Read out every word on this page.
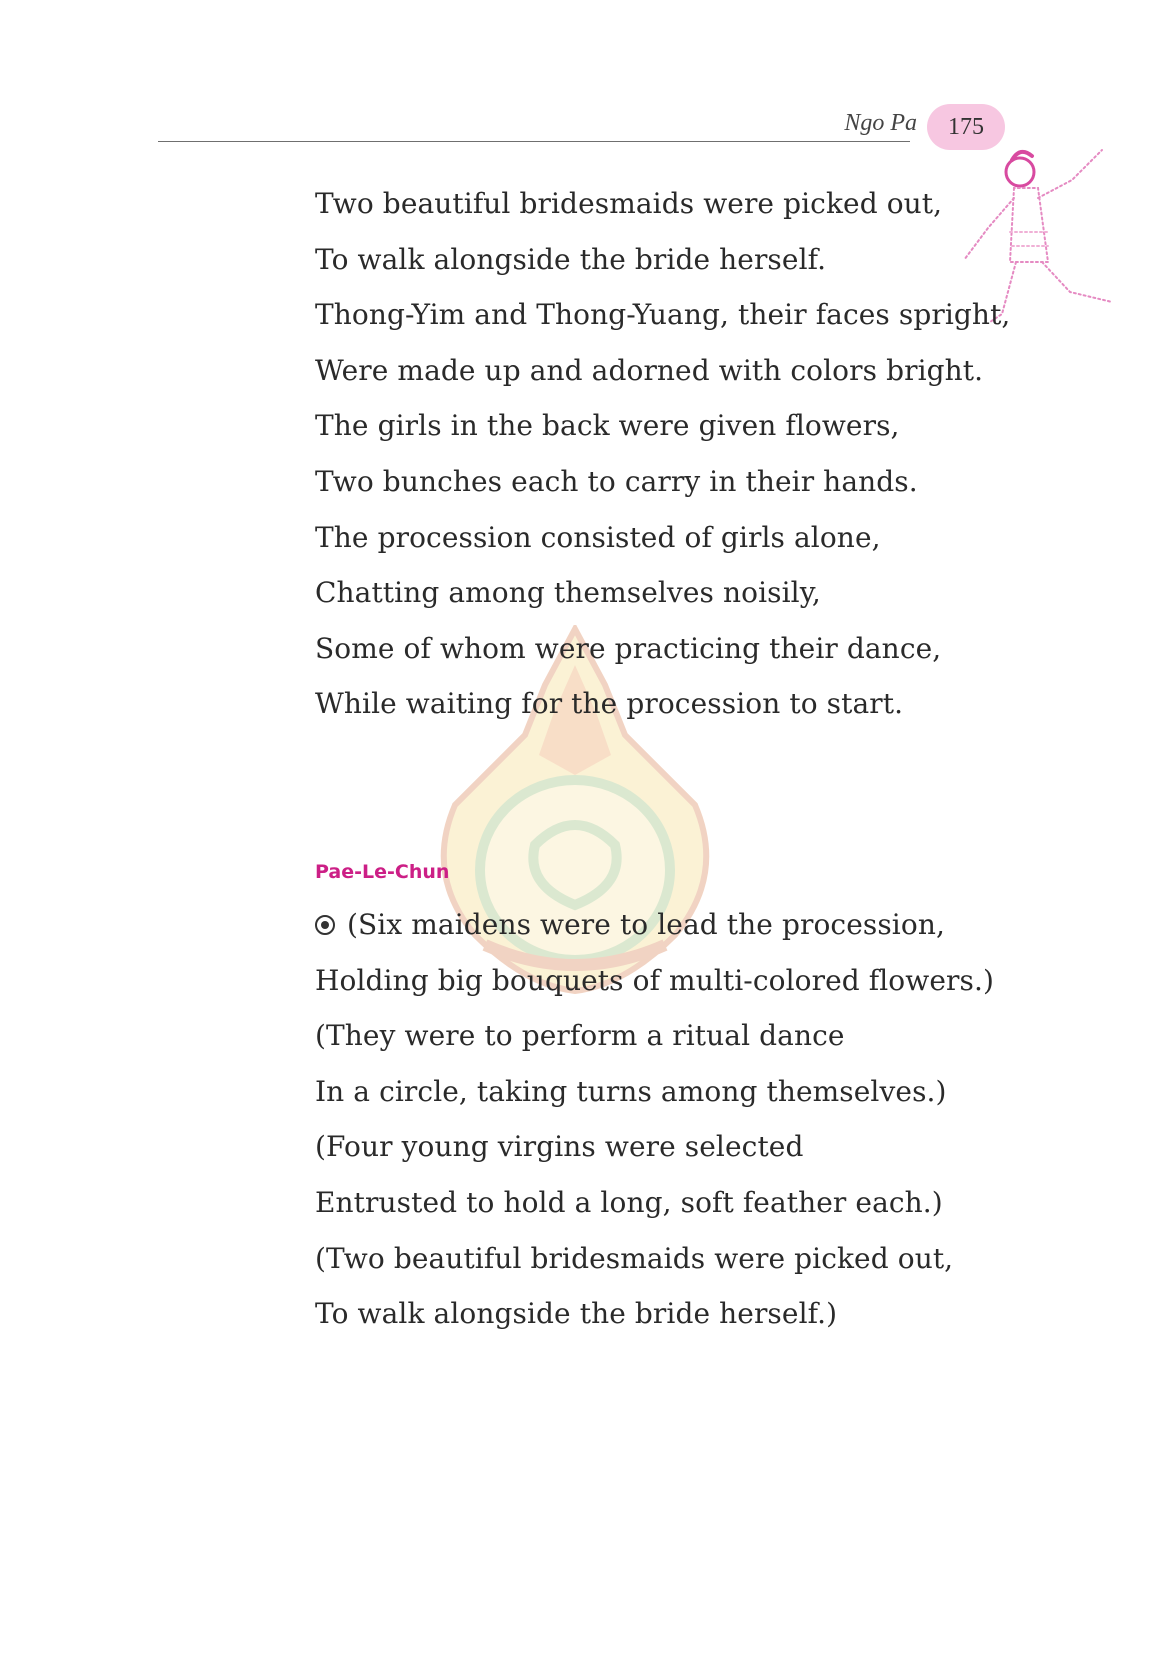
Ngo Pa 175
Two beautiful bridesmaids were picked out,
To walk alongside the bride herself.
Thong-Yim and Thong-Yuang, their faces spright,
Were made up and adorned with colors bright.
The girls in the back were given flowers,
Two bunches each to carry in their hands.
The procession consisted of girls alone,
Chatting among themselves noisily,
Some of whom were practicing their dance,
While waiting for the procession to start.
Pae-Le-Chun
(Six maidens were to lead the procession,
Holding big bouquets of multi-colored flowers.)
(They were to perform a ritual dance
In a circle, taking turns among themselves.)
(Four young virgins were selected
Entrusted to hold a long, soft feather each.)
(Two beautiful bridesmaids were picked out,
To walk alongside the bride herself.)
